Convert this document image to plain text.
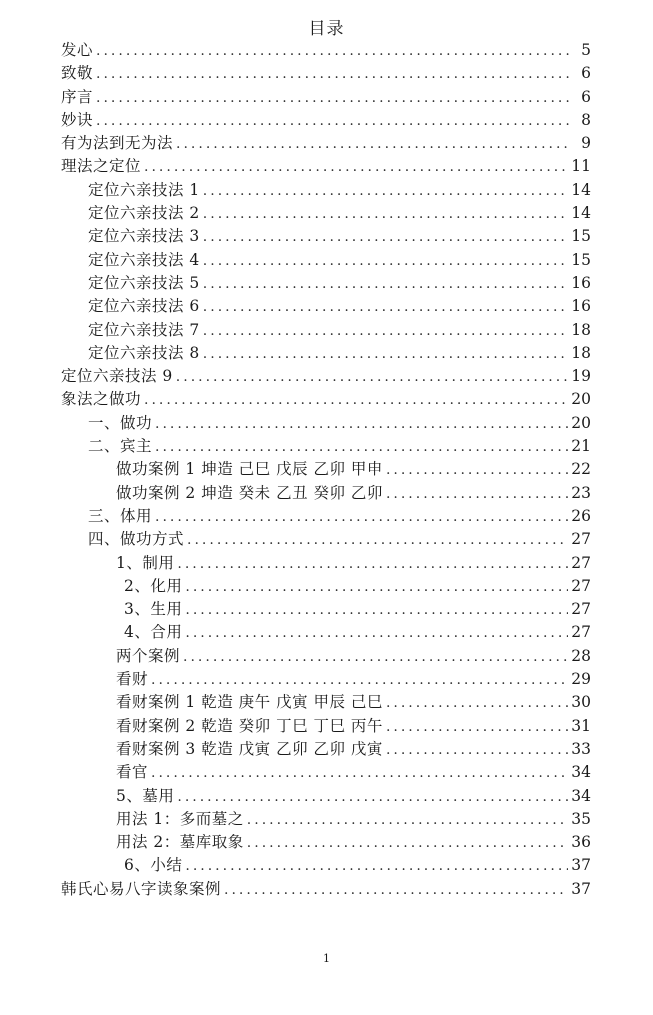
目录
发心 .....	5
致敬 .....	6
序言 .....	6
妙诀 .....	8
有为法到无为法 .....	9
理法之定位 .....	11
定位六亲技法 1 .....	14
定位六亲技法 2 .....	14
定位六亲技法 3 .....	15
定位六亲技法 4 .....	15
定位六亲技法 5 .....	16
定位六亲技法 6 .....	16
定位六亲技法 7 .....	18
定位六亲技法 8 .....	18
定位六亲技法 9 .....	19
象法之做功 .....	20
一、做功 .....	20
二、宾主 .....	21
做功案例 1 坤造 己巳 戊辰 乙卯 甲申 .....	22
做功案例 2 坤造 癸未 乙丑 癸卯 乙卯 .....	23
三、体用 .....	26
四、做功方式 .....	27
1、制用 .....	27
2、化用 .....	27
3、生用 .....	27
4、合用 .....	27
两个案例 .....	28
看财 .....	29
看财案例 1 乾造 庚午 戊寅 甲辰 己巳 .....	30
看财案例 2 乾造 癸卯 丁巳 丁巳 丙午 .....	31
看财案例 3 乾造 戊寅 乙卯 乙卯 戊寅 .....	33
看官 .....	34
5、墓用 .....	34
用法 1：多而墓之 .....	35
用法 2：墓库取象 .....	36
6、小结 .....	37
韩氏心易八字读象案例 .....	37
1
